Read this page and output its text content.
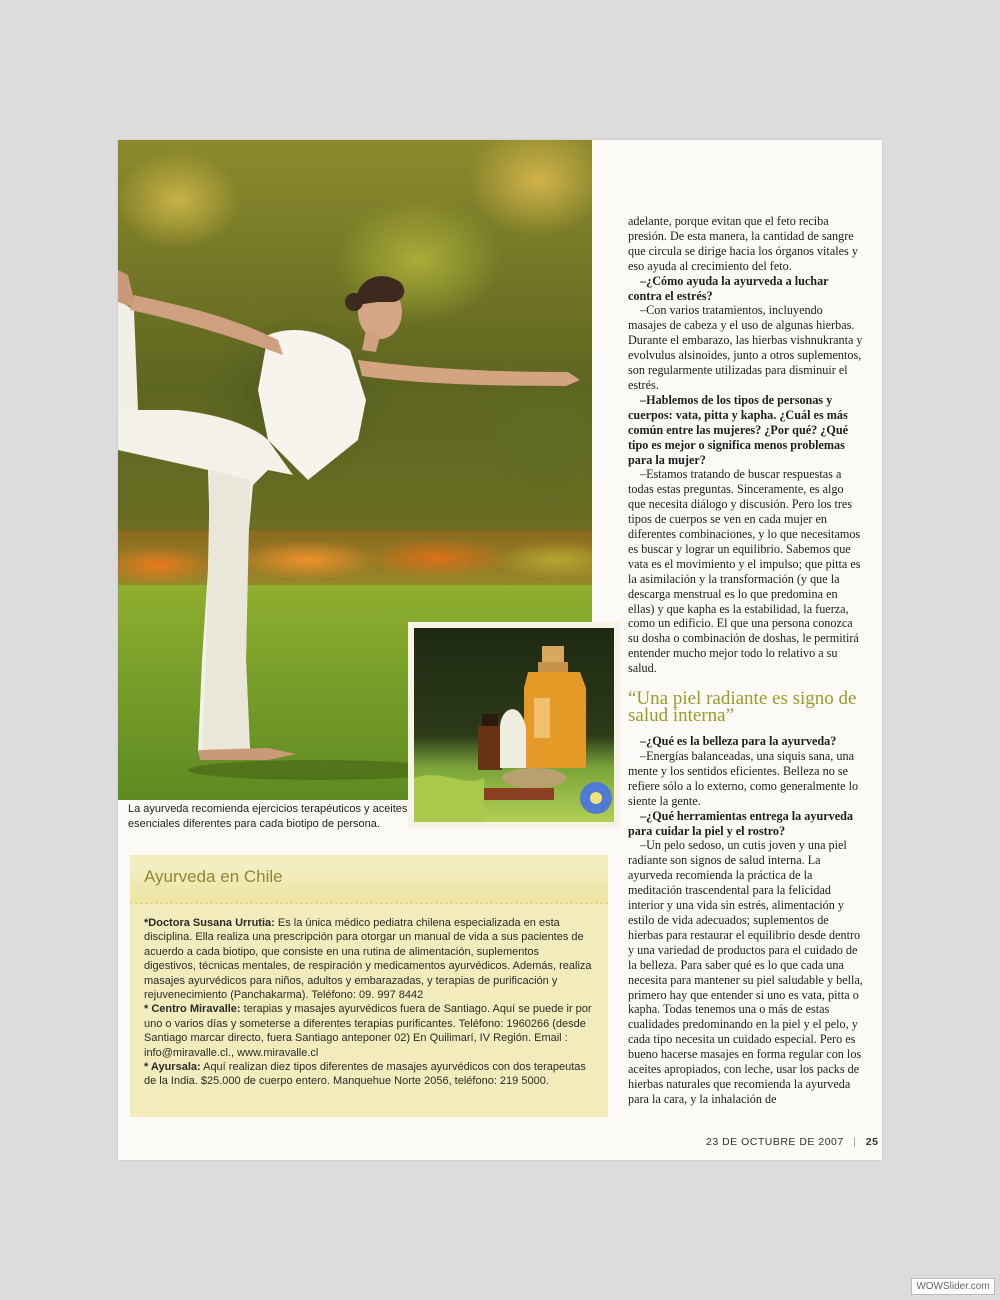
La ayurveda recomienda ejercicios terapéuticos y aceites esenciales diferentes para cada biotipo de persona.
Ayurveda en Chile

*Doctora Susana Urrutia: Es la única médico pediatra chilena especializada en esta disciplina. Ella realiza una prescripción para otorgar un manual de vida a sus pacientes de acuerdo a cada biotipo, que consiste en una rutina de alimentación, suplementos digestivos, técnicas mentales, de respiración y medicamentos ayurvédicos. Además, realiza masajes ayurvédicos para niños, adultos y embarazadas, y terapias de purificación y rejuvenecimiento (Panchakarma). Teléfono: 09. 997 8442

* Centro Miravalle: terapias y masajes ayurvédicos fuera de Santiago. Aquí se puede ir por uno o varios días y someterse a diferentes terapias purificantes. Teléfono: 1960266 (desde Santiago marcar directo, fuera Santiago anteponer 02) En Quilimarí, IV Región. Email : info@miravalle.cl., www.miravalle.cl

* Ayursala: Aquí realizan diez tipos diferentes de masajes ayurvédicos con dos terapeutas de la India. $25.000 de cuerpo entero. Manquehue Norte 2056, teléfono: 219 5000.

adelante, porque evitan que el feto reciba presión. De esta manera, la cantidad de sangre que circula se dirige hacia los órganos vitales y eso ayuda al crecimiento del feto.

–¿Cómo ayuda la ayurveda a luchar contra el estrés?

–Con varios tratamientos, incluyendo masajes de cabeza y el uso de algunas hierbas. Durante el embarazo, las hierbas vishnukranta y evolvulus alsinoides, junto a otros suplementos, son regularmente utilizadas para disminuir el estrés.

–Hablemos de los tipos de personas y cuerpos: vata, pitta y kapha. ¿Cuál es más común entre las mujeres? ¿Por qué? ¿Qué tipo es mejor o significa menos problemas para la mujer?

–Estamos tratando de buscar respuestas a todas estas preguntas. Sinceramente, es algo que necesita diálogo y discusión. Pero los tres tipos de cuerpos se ven en cada mujer en diferentes combinaciones, y lo que necesitamos es buscar y lograr un equilibrio. Sabemos que vata es el movimiento y el impulso; que pitta es la asimilación y la transformación (y que la descarga menstrual es lo que predomina en ellas) y que kapha es la estabilidad, la fuerza, como un edificio. El que una persona conozca su dosha o combinación de doshas, le permitirá entender mucho mejor todo lo relativo a su salud.

“Una piel radiante es signo de salud interna”

–¿Qué es la belleza para la ayurveda?

–Energías balanceadas, una siquis sana, una mente y los sentidos eficientes. Belleza no se refiere sólo a lo externo, como generalmente lo siente la gente.

–¿Qué herramientas entrega la ayurveda para cuidar la piel y el rostro?

–Un pelo sedoso, un cutis joven y una piel radiante son signos de salud interna. La ayurveda recomienda la práctica de la meditación trascendental para la felicidad interior y una vida sin estrés, alimentación y estilo de vida adecuados; suplementos de hierbas para restaurar el equilibrio desde dentro y una variedad de productos para el cuidado de la belleza. Para saber qué es lo que cada una necesita para mantener su piel saludable y bella, primero hay que entender si uno es vata, pitta o kapha. Todas tenemos una o más de estas cualidades predominando en la piel y el pelo, y cada tipo necesita un cuidado especial. Pero es bueno hacerse masajes en forma regular con los aceites apropiados, con leche, usar los packs de hierbas naturales que recomienda la ayurveda para la cara, y la inhalación de

23 DE OCTUBRE DE 2007 | 25
WOWSlider.com
